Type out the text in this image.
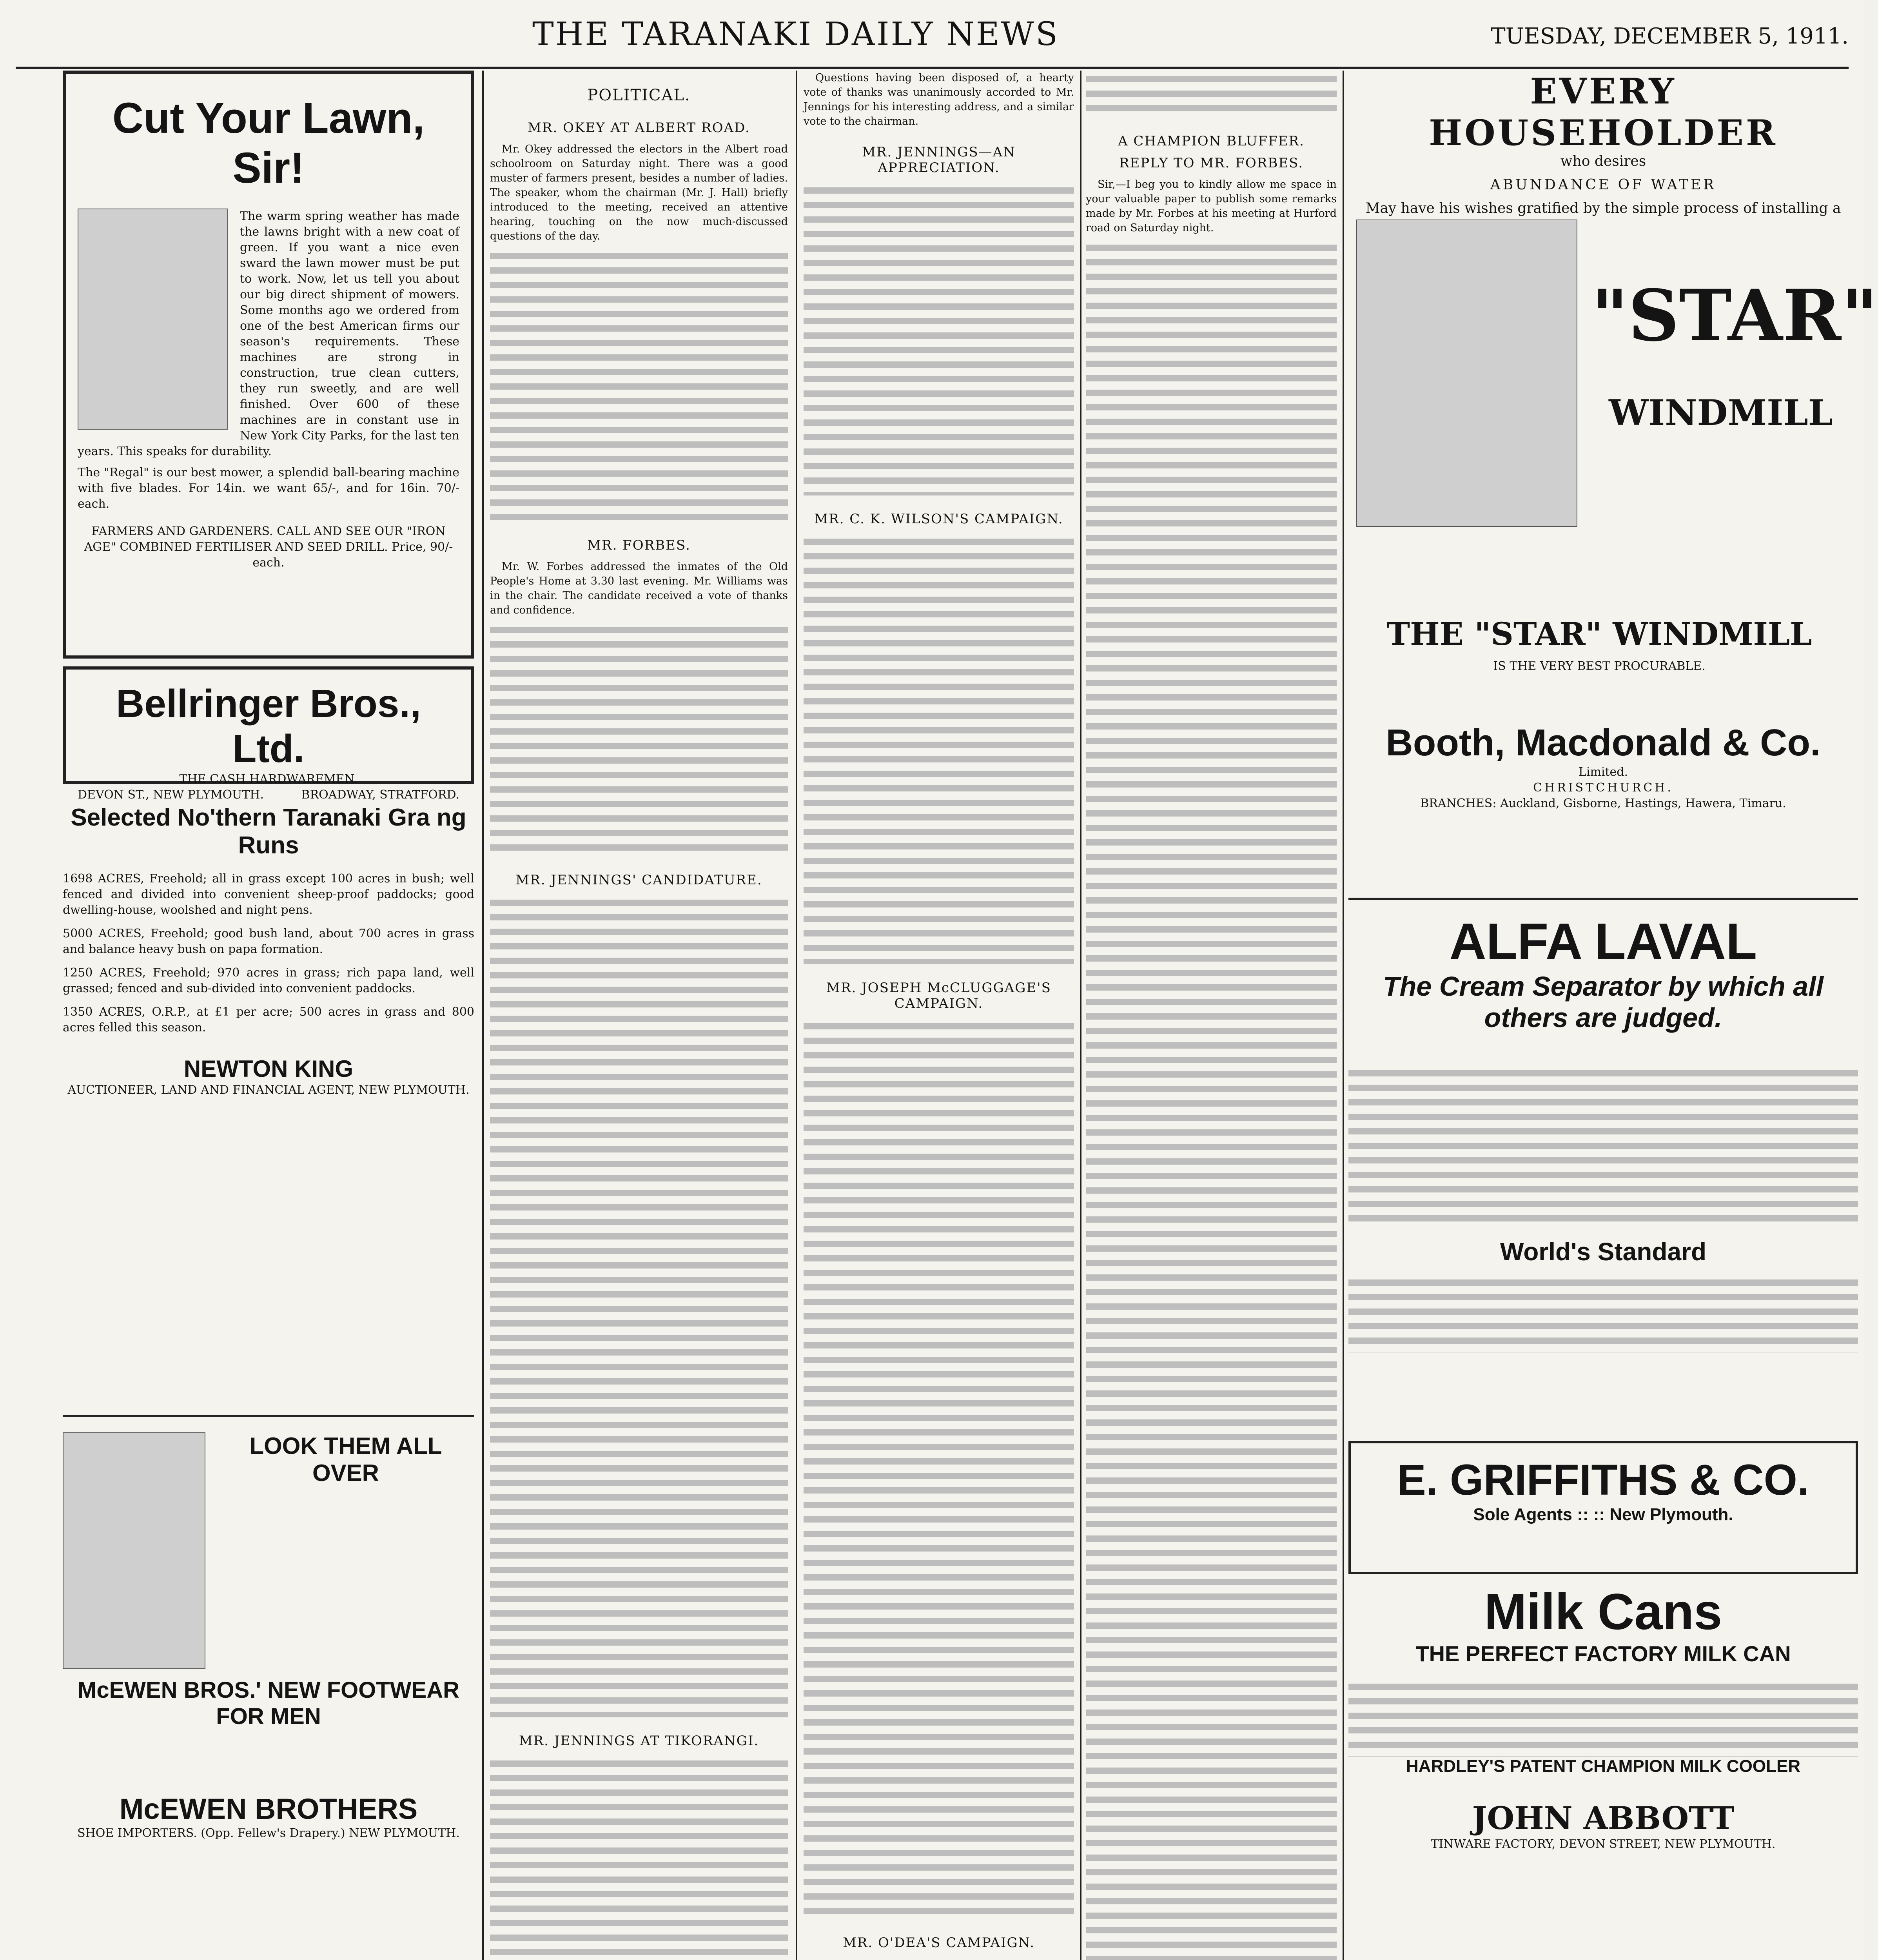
THE TARANAKI DAILY NEWS	TUESDAY, DECEMBER 5, 1911.
Cut Your Lawn, Sir!
The warm spring weather has made the lawns bright with a new coat of green. If you want a nice even sward the lawn mower must be put to work. Now, let us tell you about our big direct shipment of mowers. Some months ago we ordered from one of the best American firms our season's requirements. These machines are strong in construction, true clean cutters, they run sweetly, and are well finished. Over 600 of these machines are in constant use in New York City Parks, for the last ten years. This speaks for durability.
The "Regal" is our best mower, a splendid ball-bearing machine with five blades. For 14in. we want 65/-, and for 16in. 70/- each.
FARMERS AND GARDENERS. CALL AND SEE OUR "IRON AGE" COMBINED FERTILISER AND SEED DRILL. Price, 90/- each.
Bellringer Bros., Ltd.
THE CASH HARDWAREMEN.
DEVON ST., NEW PLYMOUTH.	BROADWAY, STRATFORD.
Selected No'thern Taranaki Gra ng Runs
1698 ACRES, Freehold; all in grass except 100 acres in bush; well fenced and divided into convenient sheep-proof paddocks; good dwelling-house, woolshed and night pens.
5000 ACRES, Freehold; good bush land, about 700 acres in grass and balance heavy bush on papa formation.
1250 ACRES, Freehold; 970 acres in grass; rich papa land, well grassed; fenced and sub-divided into convenient paddocks.
1350 ACRES, O.R.P., at £1 per acre; 500 acres in grass and 800 acres felled this season.
NEWTON KING
AUCTIONEER, LAND AND FINANCIAL AGENT, NEW PLYMOUTH.
LOOK THEM ALL OVER
McEWEN BROS.' NEW FOOTWEAR FOR MEN
McEWEN BROTHERS
SHOE IMPORTERS. (Opp. Fellew's Drapery.) NEW PLYMOUTH.
POLITICAL.
MR. OKEY AT ALBERT ROAD.
Mr. Okey addressed the electors in the Albert road schoolroom on Saturday night. There was a good muster of farmers present, besides a number of ladies. The speaker, whom the chairman (Mr. J. Hall) briefly introduced to the meeting, received an attentive hearing, touching on the now much-discussed questions of the day.
MR. FORBES.
Mr. W. Forbes addressed the inmates of the Old People's Home at 3.30 last evening. Mr. Williams was in the chair. The candidate received a vote of thanks and confidence.
MR. JENNINGS' CANDIDATURE.
MR. JENNINGS AT TIKORANGI.
Questions having been disposed of, a hearty vote of thanks was unanimously accorded to Mr. Jennings for his interesting address, and a similar vote to the chairman.
MR. JENNINGS—AN APPRECIATION.
MR. C. K. WILSON'S CAMPAIGN.
MR. JOSEPH McCLUGGAGE'S CAMPAIGN.
MR. O'DEA'S CAMPAIGN.
A CHAMPION BLUFFER.
REPLY TO MR. FORBES.
Sir,—I beg you to kindly allow me space in your valuable paper to publish some remarks made by Mr. Forbes at his meeting at Hurford road on Saturday night.
EVERY HOUSEHOLDER
who desires
ABUNDANCE OF WATER
May have his wishes gratified by the simple process of installing a
"STAR"
WINDMILL
THE "STAR" WINDMILL
IS THE VERY BEST PROCURABLE.
Booth, Macdonald & Co.
Limited.
CHRISTCHURCH.
BRANCHES: Auckland, Gisborne, Hastings, Hawera, Timaru.
ALFA LAVAL
The Cream Separator by which all others are judged.
World's Standard
E. GRIFFITHS & CO.
Sole Agents :: :: New Plymouth.
Milk Cans
THE PERFECT FACTORY MILK CAN
HARDLEY'S PATENT CHAMPION MILK COOLER
JOHN ABBOTT
TINWARE FACTORY, DEVON STREET, NEW PLYMOUTH.
